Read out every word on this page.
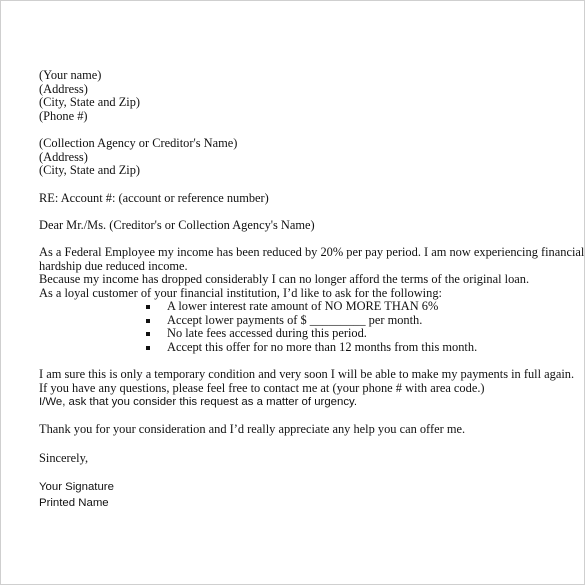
(Your name)
(Address)
(City, State and Zip)
(Phone #)
(Collection Agency or Creditor's Name)
(Address)
(City, State and Zip)
RE: Account #: (account or reference number)
Dear Mr./Ms. (Creditor's or Collection Agency's Name)
As a Federal Employee my income has been reduced by 20% per pay period. I am now experiencing financial
hardship due reduced income.
Because my income has dropped considerably I can no longer afford the terms of the original loan.
As a loyal customer of your financial institution, I’d like to ask for the following:
A lower interest rate amount of NO MORE THAN 6%
Accept lower payments of $ _________ per month.
No late fees accessed during this period.
Accept this offer for no more than 12 months from this month.
I am sure this is only a temporary condition and very soon I will be able to make my payments in full again.
If you have any questions, please feel free to contact me at (your phone # with area code.)
I/We, ask that you consider this request as a matter of urgency.
Thank you for your consideration and I’d really appreciate any help you can offer me.
Sincerely,
Your Signature
Printed Name
